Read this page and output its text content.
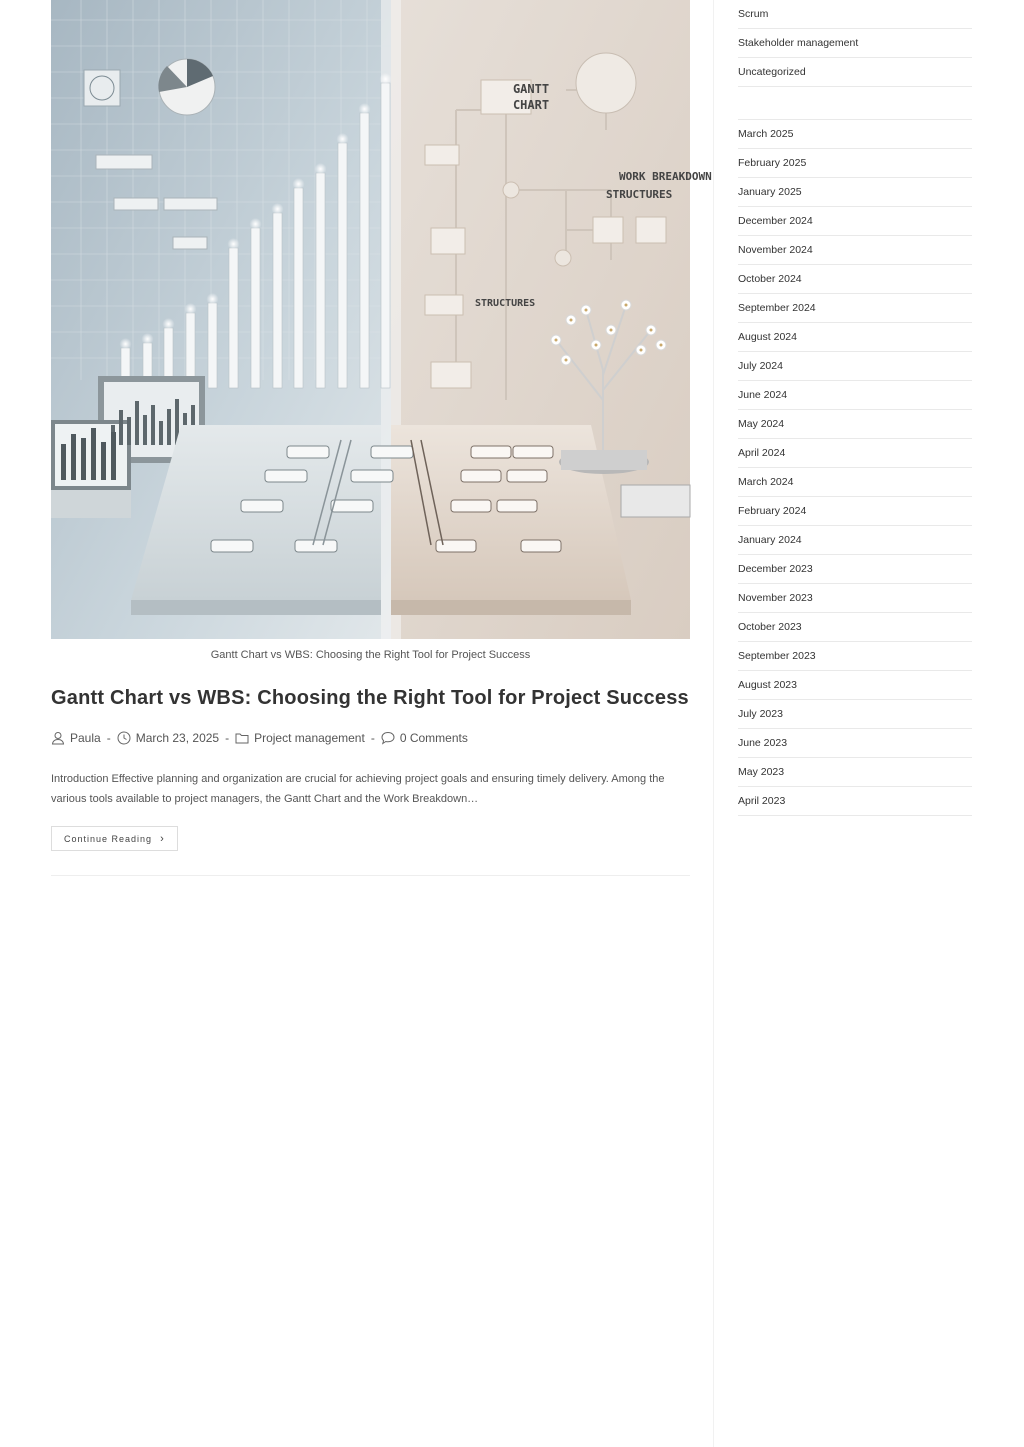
GANTT
CHART
WORK BREAKDOWN
STRUCTURES
STRUCTURES
Gantt Chart vs WBS: Choosing the Right Tool for Project Success
Gantt Chart vs WBS: Choosing the Right Tool for Project Success
Paula - March 23, 2025 - Project management - 0 Comments
Introduction Effective planning and organization are crucial for achieving project goals and ensuring timely delivery. Among the various tools available to project managers, the Gantt Chart and the Work Breakdown…
Continue Reading ›
Scrum
Stakeholder management
Uncategorized
March 2025
February 2025
January 2025
December 2024
November 2024
October 2024
September 2024
August 2024
July 2024
June 2024
May 2024
April 2024
March 2024
February 2024
January 2024
December 2023
November 2023
October 2023
September 2023
August 2023
July 2023
June 2023
May 2023
April 2023
